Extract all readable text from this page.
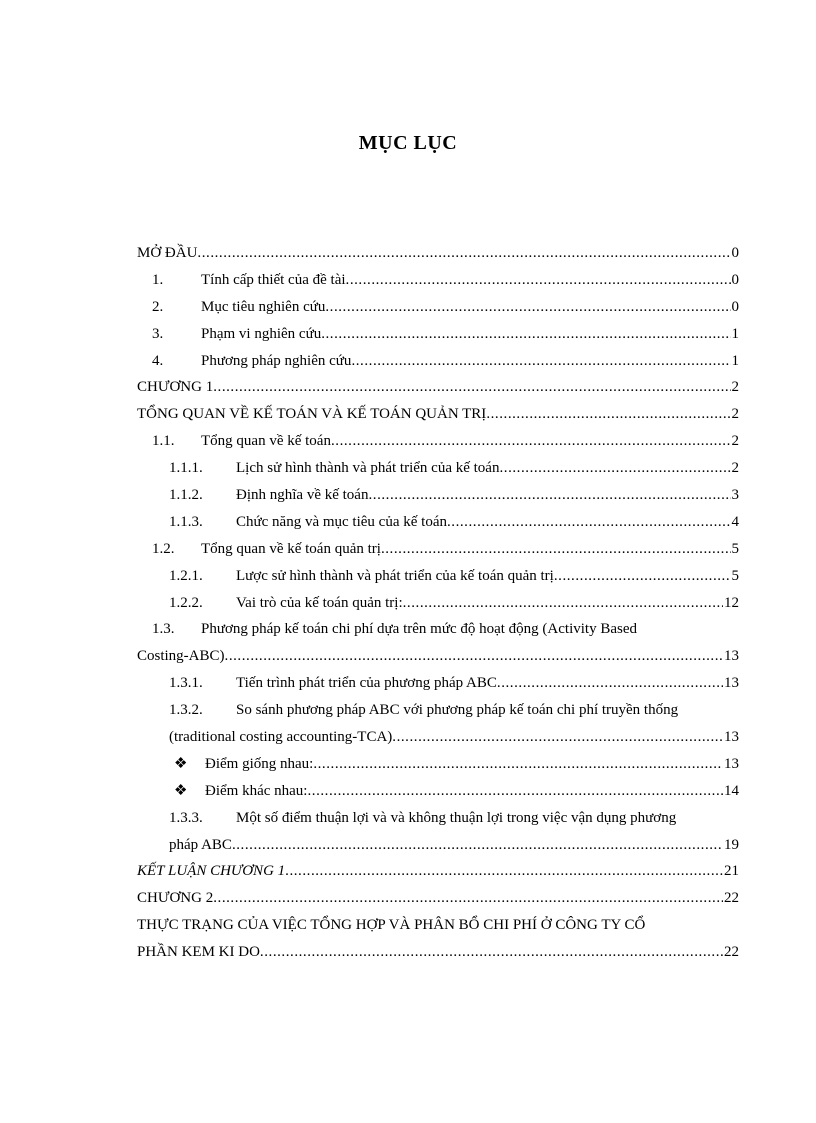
MỤC LỤC
MỞ ĐẦU . . .	0
1.	Tính cấp thiết của đề tài . . .	0
2.	Mục tiêu nghiên cứu . . .	0
3.	Phạm vi nghiên cứu . . .	1
4.	Phương pháp nghiên cứu . . .	1
CHƯƠNG 1 . . .	2
TỔNG QUAN VỀ KẾ TOÁN VÀ KẾ TOÁN QUẢN TRỊ . . .	2
1.1.	Tổng quan về kế toán . . .	2
1.1.1.	Lịch sử hình thành và phát triển của kế toán . . .	2
1.1.2.	Định nghĩa về kế toán . . .	3
1.1.3.	Chức năng và mục tiêu của kế toán . . .	4
1.2.	Tổng quan về kế toán quản trị . . .	5
1.2.1.	Lược sử hình thành và phát triển của kế toán quản trị . . .	5
1.2.2.	Vai trò của kế toán quản trị: . . .	12
1.3.	Phương pháp kế toán chi phí dựa trên mức độ hoạt động (Activity Based
Costing-ABC) . . .	13
1.3.1.	Tiến trình phát triển của phương pháp ABC . . .	13
1.3.2.	So sánh phương pháp ABC với phương pháp kế toán chi phí truyền thống
(traditional costing accounting-TCA) . . .	13
❖	Điểm giống nhau: . . .	13
❖	Điểm khác nhau: . . .	14
1.3.3.	Một số điểm thuận lợi và và không thuận lợi trong việc vận dụng phương
pháp ABC . . .	19
KẾT LUẬN CHƯƠNG 1 . . .	21
CHƯƠNG 2 . . .	22
THỰC TRẠNG CỦA VIỆC TỔNG HỢP VÀ PHÂN BỔ CHI PHÍ Ở CÔNG TY CỔ
PHẦN KEM KI DO . . .	22
